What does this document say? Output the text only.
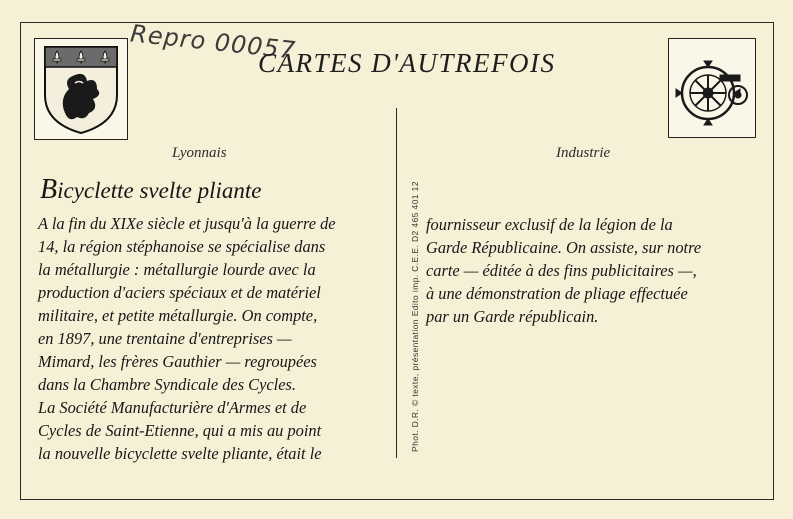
Repro 00057
CARTES D'AUTREFOIS
Phot. D.R. © texte, présentation Edito imp. C.E.E. D2 465 401 12
Lyonnais	Industrie
Bicyclette svelte pliante
A la fin du XIXe siècle et jusqu'à la guerre de
14, la région stéphanoise se spécialise dans
la métallurgie : métallurgie lourde avec la
production d'aciers spéciaux et de matériel
militaire, et petite métallurgie. On compte,
en 1897, une trentaine d'entreprises —
Mimard, les frères Gauthier — regroupées
dans la Chambre Syndicale des Cycles.
La Société Manufacturière d'Armes et de
Cycles de Saint-Etienne, qui a mis au point
la nouvelle bicyclette svelte pliante, était le
fournisseur exclusif de la légion de la
Garde Républicaine. On assiste, sur notre
carte — éditée à des fins publicitaires —,
à une démonstration de pliage effectuée
par un Garde républicain.
